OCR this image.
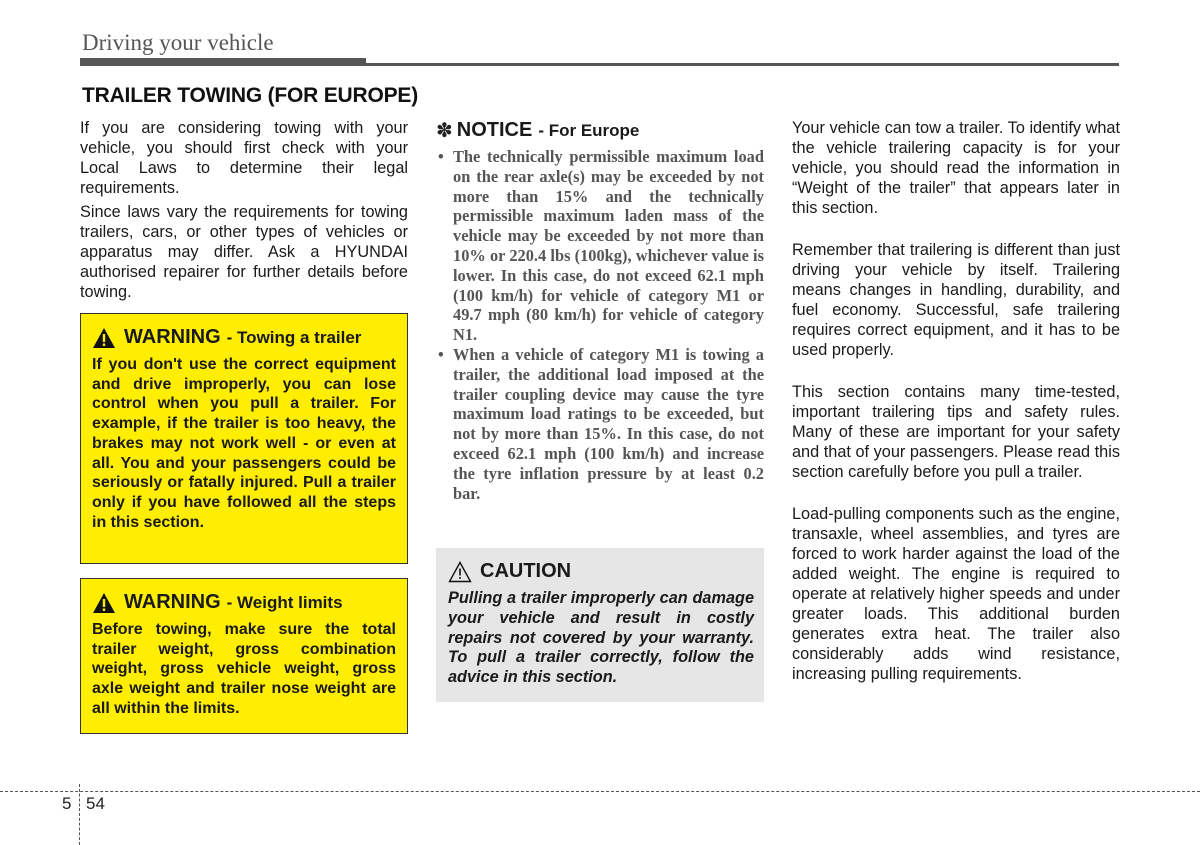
Driving your vehicle
TRAILER TOWING (FOR EUROPE)

If you are considering towing with your vehicle, you should first check with your Local Laws to determine their legal requirements.

Since laws vary the requirements for towing trailers, cars, or other types of vehicles or apparatus may differ. Ask a HYUNDAI authorised repairer for further details before towing.

WARNING - Towing a trailer
If you don't use the correct equipment and drive improperly, you can lose control when you pull a trailer. For example, if the trailer is too heavy, the brakes may not work well - or even at all. You and your passengers could be seriously or fatally injured. Pull a trailer only if you have followed all the steps in this section.
WARNING - Weight limits
Before towing, make sure the total trailer weight, gross combination weight, gross vehicle weight, gross axle weight and trailer nose weight are all within the limits.
✽ NOTICE - For Europe
• The technically permissible maximum load on the rear axle(s) may be exceeded by not more than 15% and the technically permissible maximum laden mass of the vehicle may be exceeded by not more than 10% or 220.4 lbs (100kg), whichever value is lower. In this case, do not exceed 62.1 mph (100 km/h) for vehicle of category M1 or 49.7 mph (80 km/h) for vehicle of category N1.
• When a vehicle of category M1 is towing a trailer, the additional load imposed at the trailer coupling device may cause the tyre maximum load ratings to be exceeded, but not by more than 15%. In this case, do not exceed 62.1 mph (100 km/h) and increase the tyre inflation pressure by at least 0.2 bar.
CAUTION
Pulling a trailer improperly can damage your vehicle and result in costly repairs not covered by your warranty. To pull a trailer correctly, follow the advice in this section.

Your vehicle can tow a trailer. To identify what the vehicle trailering capacity is for your vehicle, you should read the information in “Weight of the trailer” that appears later in this section.

Remember that trailering is different than just driving your vehicle by itself. Trailering means changes in handling, durability, and fuel economy. Successful, safe trailering requires correct equipment, and it has to be used properly.

This section contains many time-tested, important trailering tips and safety rules. Many of these are important for your safety and that of your passengers. Please read this section carefully before you pull a trailer.

Load-pulling components such as the engine, transaxle, wheel assemblies, and tyres are forced to work harder against the load of the added weight. The engine is required to operate at relatively higher speeds and under greater loads. This additional burden generates extra heat. The trailer also considerably adds wind resistance, increasing pulling requirements.

5 54
